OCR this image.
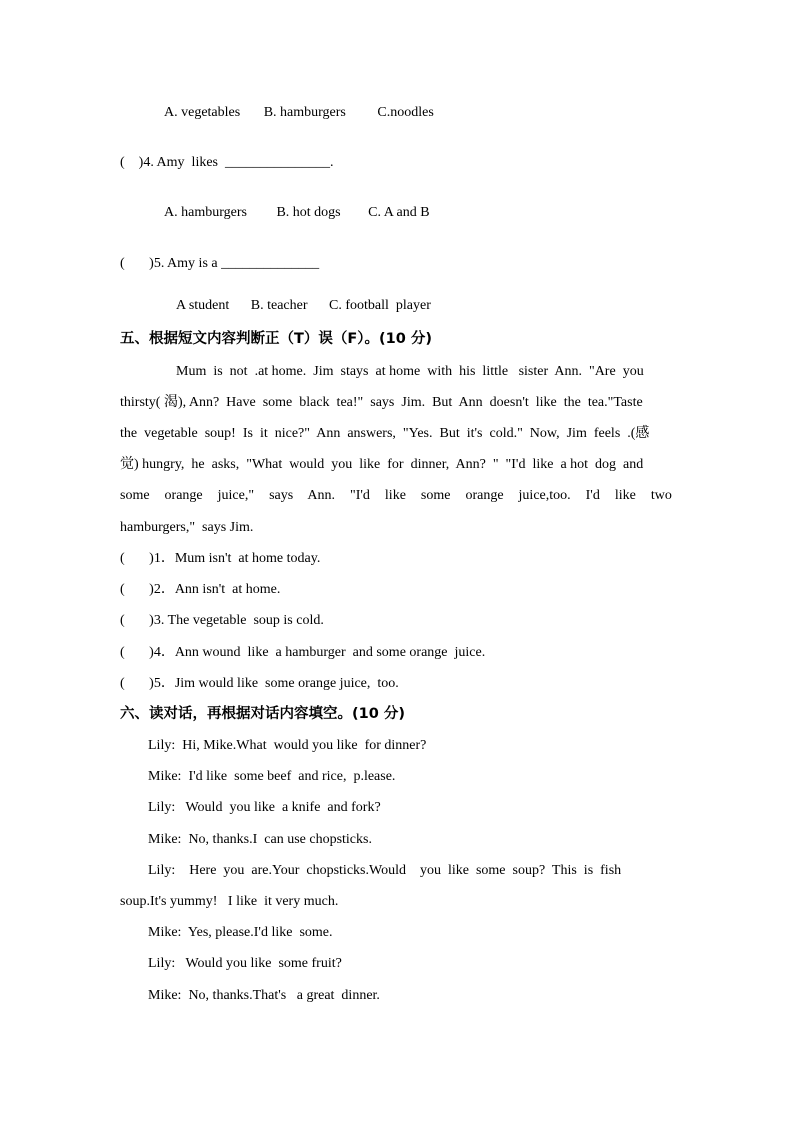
A. vegetables B. hamburgers C.noodles
(    )4. Amy  likes  _______________.
A. hamburgers B. hot dogs C. A and B
(       )5. Amy is a ______________
A student B. teacher C. football  player
五、根据短文内容判断正（T）误（F）。(10 分)
Mum  is  not  .at home.  Jim  stays  at home  with  his  little   sister  Ann.  "Are  you
thirsty( 渴), Ann?  Have  some  black  tea!"  says  Jim.  But  Ann  doesn't  like  the  tea."Taste
the  vegetable  soup!  Is  it  nice?"  Ann  answers,  "Yes.  But  it's  cold."  Now,  Jim  feels  .(感
觉) hungry,  he  asks,  "What  would  you  like  for  dinner,  Ann?  "  "I'd  like  a hot  dog  and
some  orange  juice,"  says  Ann.  "I'd  like  some  orange  juice,too.  I'd  like  two
hamburgers,"  says Jim.
(       )1．Mum isn't  at home today.
(       )2．Ann isn't  at home.
(       )3. The vegetable  soup is cold.
(       )4．Ann wound  like  a hamburger  and some orange  juice.
(       )5．Jim would like  some orange juice,  too.
六、读对话，再根据对话内容填空。(10 分)
Lily:  Hi, Mike.What  would you like  for dinner?
Mike:  I'd like  some beef  and rice,  p.lease.
Lily:   Would  you like  a knife  and fork?
Mike:  No, thanks.I  can use chopsticks.
Lily:    Here  you  are.Your  chopsticks.Would    you  like  some  soup?  This  is  fish
soup.It's yummy!   I like  it very much.
Mike:  Yes, please.I'd like  some.
Lily:   Would you like  some fruit?
Mike:  No, thanks.That's   a great  dinner.
